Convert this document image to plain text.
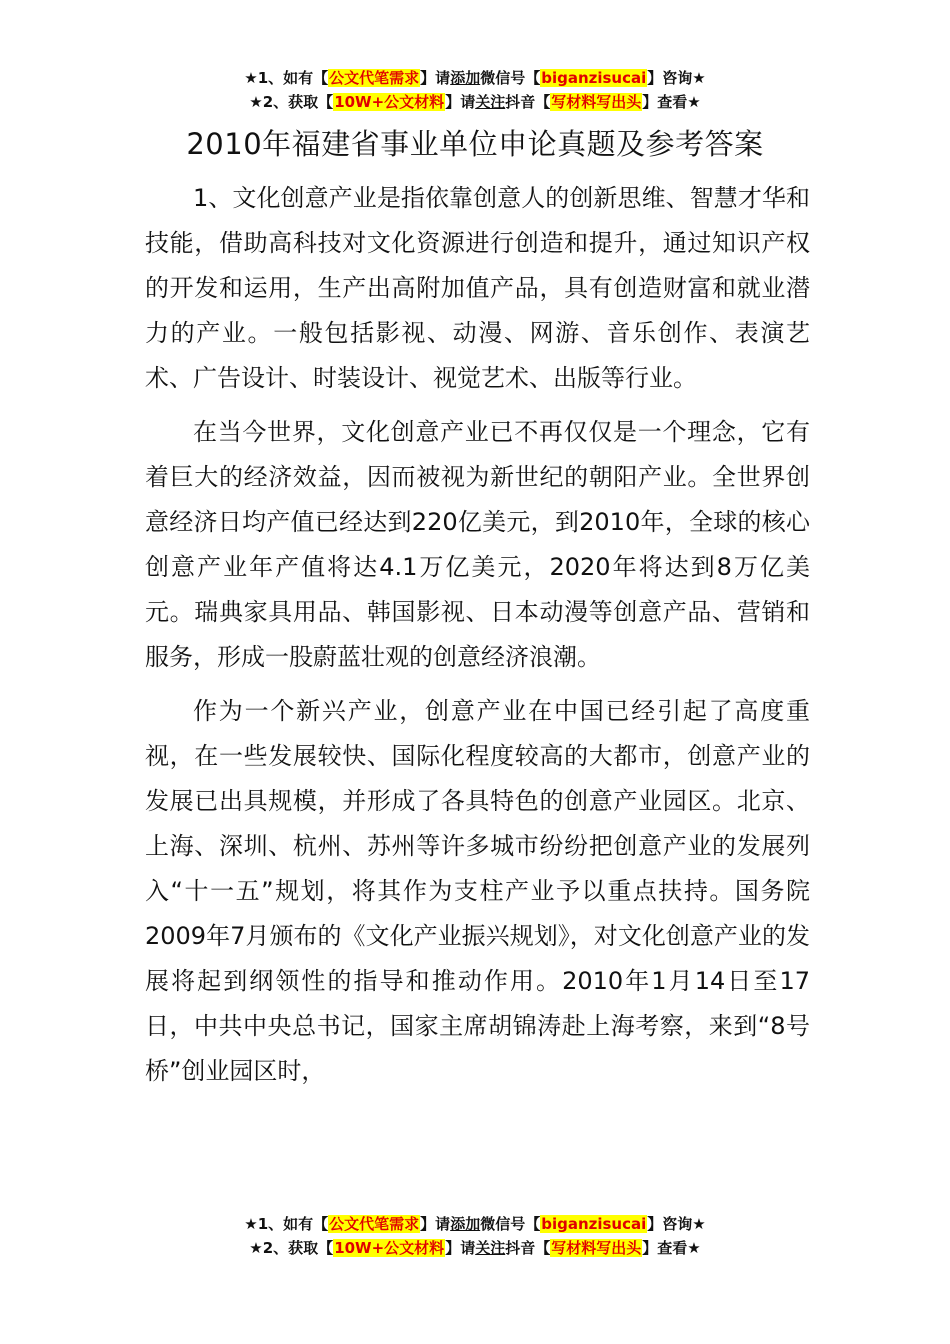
★1、如有【公文代笔需求】请添加微信号【biganzisucai】咨询★
★2、获取【10W+公文材料】请关注抖音【写材料写出头】查看★
2010年福建省事业单位申论真题及参考答案

1、文化创意产业是指依靠创意人的创新思维、智慧才华和技能，借助高科技对文化资源进行创造和提升，通过知识产权的开发和运用，生产出高附加值产品，具有创造财富和就业潜力的产业。一般包括影视、动漫、网游、音乐创作、表演艺术、广告设计、时装设计、视觉艺术、出版等行业。

在当今世界，文化创意产业已不再仅仅是一个理念，它有着巨大的经济效益，因而被视为新世纪的朝阳产业。全世界创意经济日均产值已经达到220亿美元，到2010年，全球的核心创意产业年产值将达4.1万亿美元，2020年将达到8万亿美元。瑞典家具用品、韩国影视、日本动漫等创意产品、营销和服务，形成一股蔚蓝壮观的创意经济浪潮。

作为一个新兴产业，创意产业在中国已经引起了高度重视，在一些发展较快、国际化程度较高的大都市，创意产业的发展已出具规模，并形成了各具特色的创意产业园区。北京、上海、深圳、杭州、苏州等许多城市纷纷把创意产业的发展列入“十一五”规划，将其作为支柱产业予以重点扶持。国务院2009年7月颁布的《文化产业振兴规划》，对文化创意产业的发展将起到纲领性的指导和推动作用。2010年1月14日至17日，中共中央总书记，国家主席胡锦涛赴上海考察，来到“8号桥”创业园区时，

★1、如有【公文代笔需求】请添加微信号【biganzisucai】咨询★
★2、获取【10W+公文材料】请关注抖音【写材料写出头】查看★
